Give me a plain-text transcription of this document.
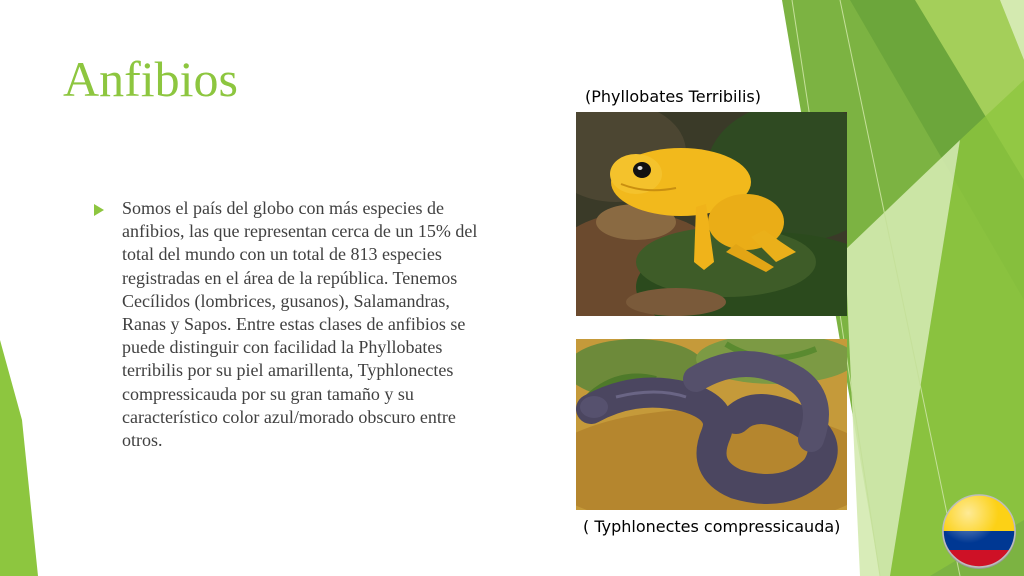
Anfibios
Somos el país del globo con más especies de anfibios, las que representan cerca de un 15% del total del mundo con un total de 813 especies registradas en el área de la república. Tenemos Cecílidos (lombrices, gusanos), Salamandras, Ranas y Sapos. Entre estas clases de anfibios se puede distinguir con facilidad la Phyllobates terribilis por su piel amarillenta, Typhlonectes compressicauda por su gran tamaño y su característico color azul/morado obscuro entre otros.
(Phyllobates Terribilis)
( Typhlonectes compressicauda)
